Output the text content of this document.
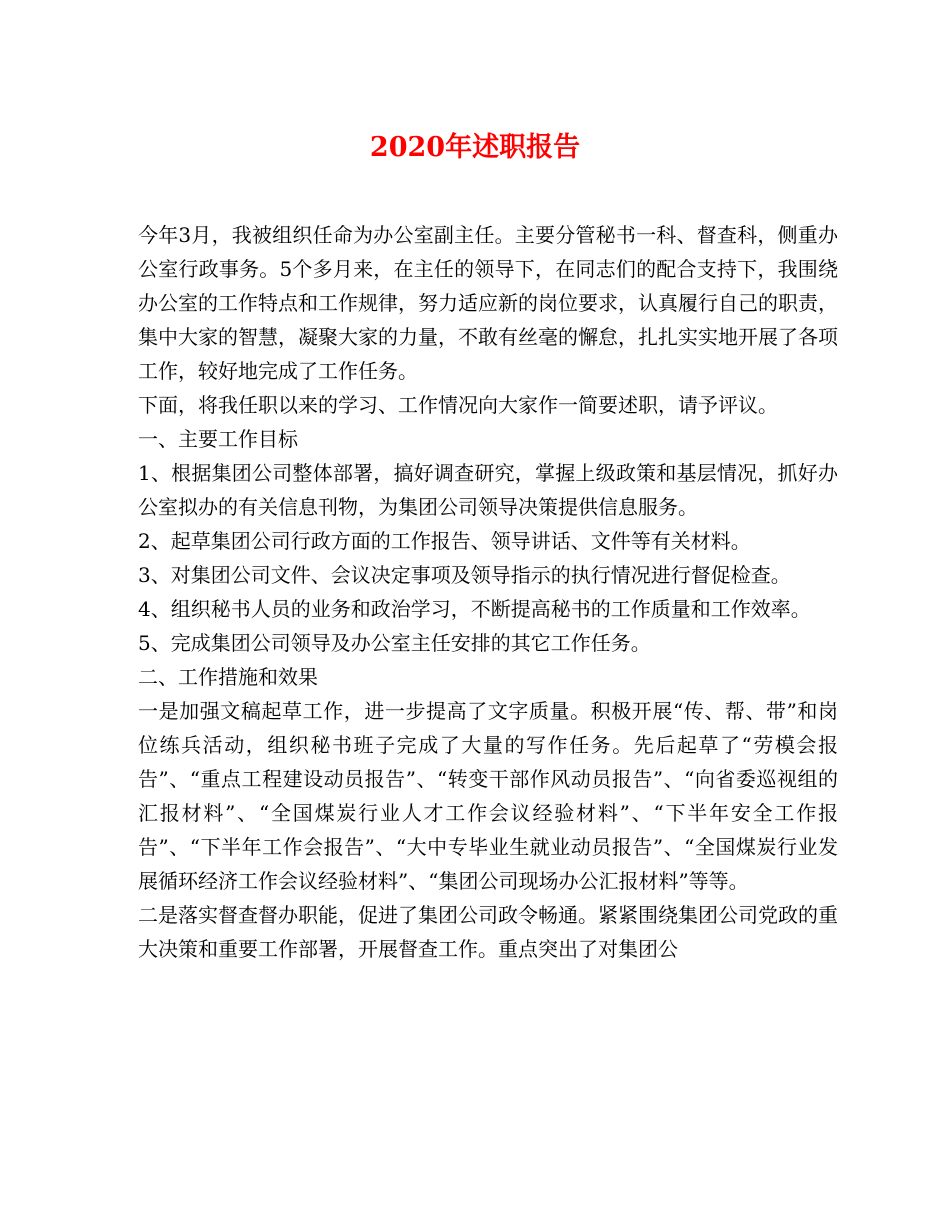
2020年述职报告

今年3月，我被组织任命为办公室副主任。主要分管秘书一科、督查科，侧重办公室行政事务。5个多月来，在主任的领导下，在同志们的配合支持下，我围绕办公室的工作特点和工作规律，努力适应新的岗位要求，认真履行自己的职责，集中大家的智慧，凝聚大家的力量，不敢有丝毫的懈怠，扎扎实实地开展了各项工作，较好地完成了工作任务。

下面，将我任职以来的学习、工作情况向大家作一简要述职，请予评议。

一、主要工作目标

1、根据集团公司整体部署，搞好调查研究，掌握上级政策和基层情况，抓好办公室拟办的有关信息刊物，为集团公司领导决策提供信息服务。

2、起草集团公司行政方面的工作报告、领导讲话、文件等有关材料。

3、对集团公司文件、会议决定事项及领导指示的执行情况进行督促检查。

4、组织秘书人员的业务和政治学习，不断提高秘书的工作质量和工作效率。

5、完成集团公司领导及办公室主任安排的其它工作任务。

二、工作措施和效果

一是加强文稿起草工作，进一步提高了文字质量。积极开展“传、帮、带”和岗位练兵活动，组织秘书班子完成了大量的写作任务。先后起草了“劳模会报告”、“重点工程建设动员报告”、“转变干部作风动员报告”、“向省委巡视组的汇报材料”、“全国煤炭行业人才工作会议经验材料”、“下半年安全工作报告”、“下半年工作会报告”、“大中专毕业生就业动员报告”、“全国煤炭行业发展循环经济工作会议经验材料”、“集团公司现场办公汇报材料”等等。

二是落实督查督办职能，促进了集团公司政令畅通。紧紧围绕集团公司党政的重大决策和重要工作部署，开展督查工作。重点突出了对集团公
